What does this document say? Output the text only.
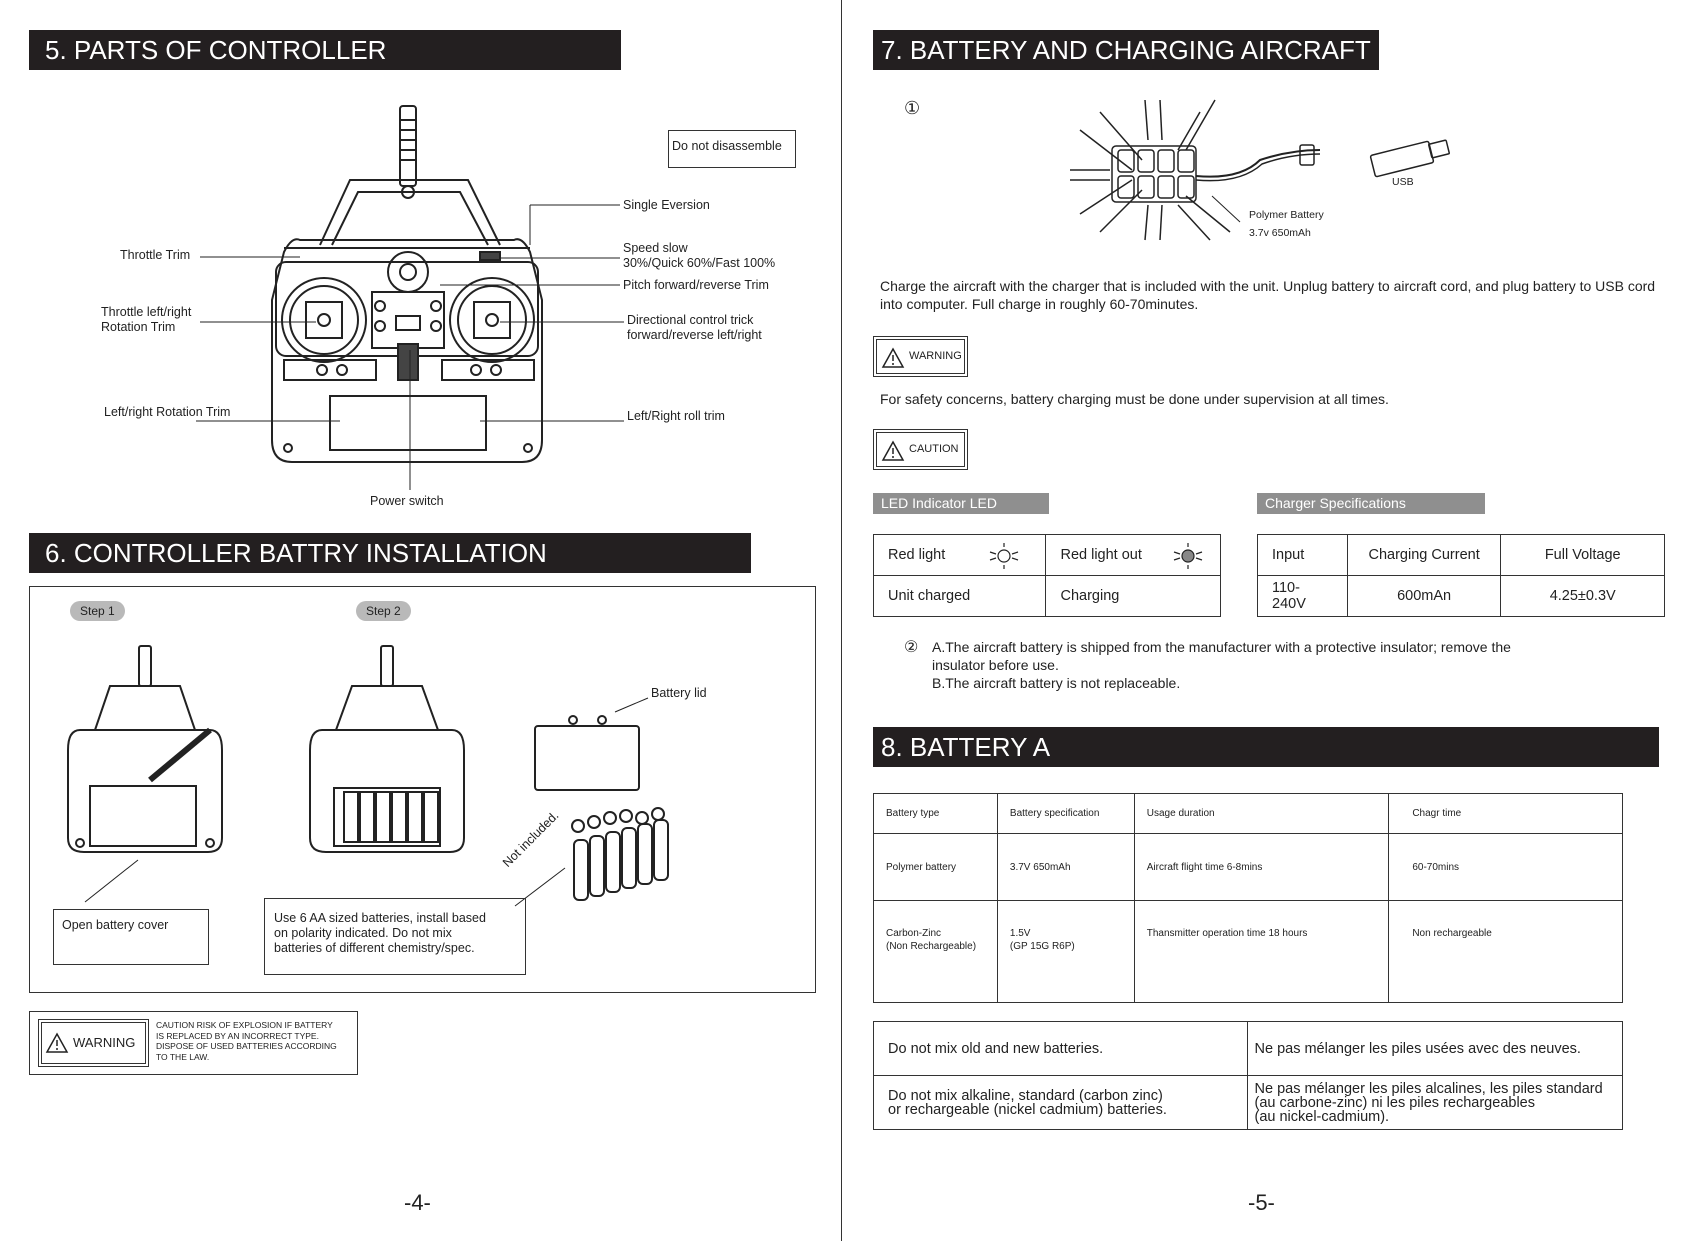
5. PARTS OF CONTROLLER
Do not disassemble
Throttle Trim
Throttle left/right
Rotation Trim
Left/right Rotation Trim
Single Eversion
Speed slow
30%/Quick 60%/Fast 100%
Pitch forward/reverse Trim
Directional control trick
forward/reverse left/right
Left/Right roll trim
Power switch
6. CONTROLLER BATTRY INSTALLATION
Step 1	Step 2
Battery lid
Not included.
Open battery cover	Use 6 AA sized batteries, install based
on polarity indicated. Do not mix
batteries of different chemistry/spec.
WARNING
CAUTION RISK OF EXPLOSION IF BATTERY
IS REPLACED BY AN INCORRECT TYPE.
DISPOSE OF USED BATTERIES ACCORDING
TO THE LAW.
-4-
7. BATTERY AND CHARGING AIRCRAFT
①
USB
Polymer Battery
3.7v 650mAh
Charge the aircraft with the charger that is included with the unit. Unplug battery to aircraft cord, and plug battery to USB cord into computer. Full charge in roughly 60-70minutes.
WARNING
For safety concerns, battery charging must be done under supervision at all times.
CAUTION
LED Indicator LED	Charger Specifications
Red light	Red light out

Unit charged	Charging
Input	Charging Current	Full Voltage
110-240V	600mAn	4.25±0.3V
② A.The aircraft battery is shipped from the manufacturer with a protective insulator; remove the
insulator before use.
B.The aircraft battery is not replaceable.
8. BATTERY A
Battery type	Battery specification	Usage duration	Chagr time
Polymer battery	3.7V 650mAh	Aircraft flight time 6-8mins	60-70mins
Carbon-Zinc
(Non Rechargeable)	1.5V
(GP 15G R6P)	Thansmitter operation time 18 hours	Non rechargeable
Do not mix old and new batteries.	Ne pas mélanger les piles usées avec des neuves.
Do not mix alkaline, standard (carbon zinc)
or rechargeable (nickel cadmium) batteries.	Ne pas mélanger les piles alcalines, les piles standard
(au carbone-zinc) ni les piles rechargeables
(au nickel-cadmium).
-5-
